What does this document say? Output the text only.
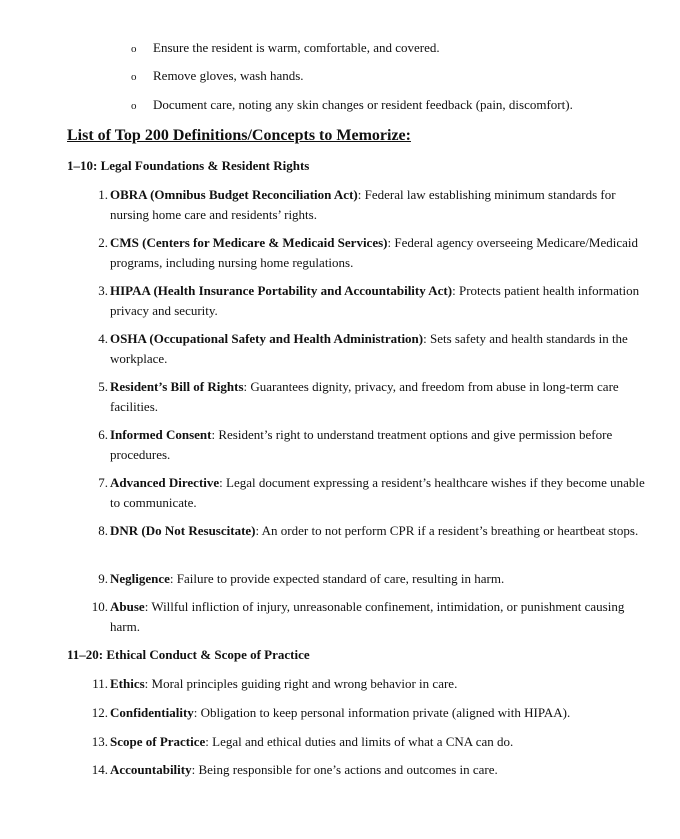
o Ensure the resident is warm, comfortable, and covered.
o Remove gloves, wash hands.
o Document care, noting any skin changes or resident feedback (pain, discomfort).
List of Top 200 Definitions/Concepts to Memorize:
1–10: Legal Foundations & Resident Rights
1. OBRA (Omnibus Budget Reconciliation Act): Federal law establishing minimum standards for nursing home care and residents’ rights.
2. CMS (Centers for Medicare & Medicaid Services): Federal agency overseeing Medicare/Medicaid programs, including nursing home regulations.
3. HIPAA (Health Insurance Portability and Accountability Act): Protects patient health information privacy and security.
4. OSHA (Occupational Safety and Health Administration): Sets safety and health standards in the workplace.
5. Resident’s Bill of Rights: Guarantees dignity, privacy, and freedom from abuse in long-term care facilities.
6. Informed Consent: Resident’s right to understand treatment options and give permission before procedures.
7. Advanced Directive: Legal document expressing a resident’s healthcare wishes if they become unable to communicate.
8. DNR (Do Not Resuscitate): An order to not perform CPR if a resident’s breathing or heartbeat stops.
9. Negligence: Failure to provide expected standard of care, resulting in harm.
10. Abuse: Willful infliction of injury, unreasonable confinement, intimidation, or punishment causing harm.
11–20: Ethical Conduct & Scope of Practice
11. Ethics: Moral principles guiding right and wrong behavior in care.
12. Confidentiality: Obligation to keep personal information private (aligned with HIPAA).
13. Scope of Practice: Legal and ethical duties and limits of what a CNA can do.
14. Accountability: Being responsible for one’s actions and outcomes in care.
